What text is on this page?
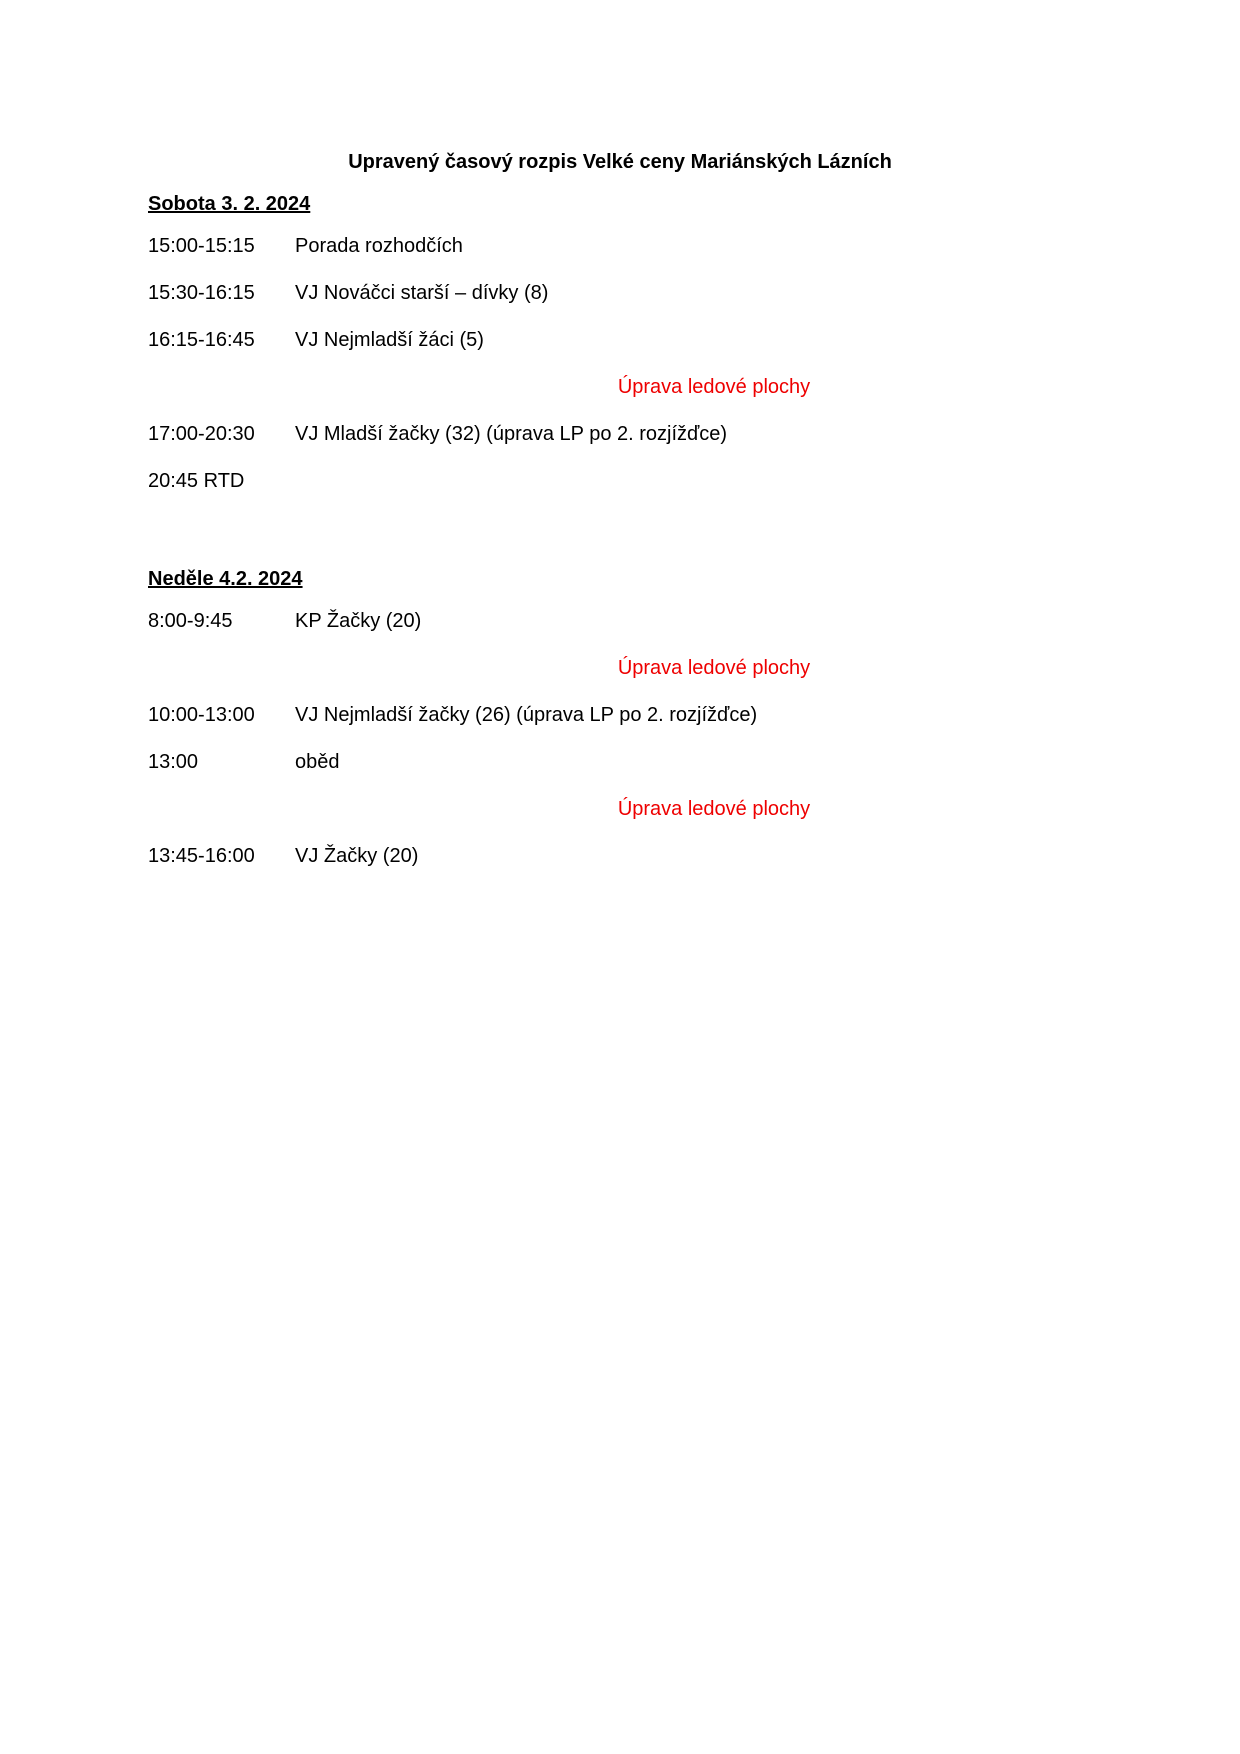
Upravený časový rozpis Velké ceny Mariánských Lázních
Sobota 3. 2. 2024
15:00-15:15 Porada rozhodčích
15:30-16:15 VJ Nováčci starší – dívky (8)
16:15-16:45 VJ Nejmladší žáci (5)
Úprava ledové plochy
17:00-20:30 VJ Mladší žačky (32) (úprava LP po 2. rozjížďce)
20:45 RTD
Neděle 4.2. 2024
8:00-9:45	KP Žačky (20)
Úprava ledové plochy
10:00-13:00 VJ Nejmladší žačky (26) (úprava LP po 2. rozjížďce)
13:00	oběd
Úprava ledové plochy
13:45-16:00 VJ Žačky (20)
